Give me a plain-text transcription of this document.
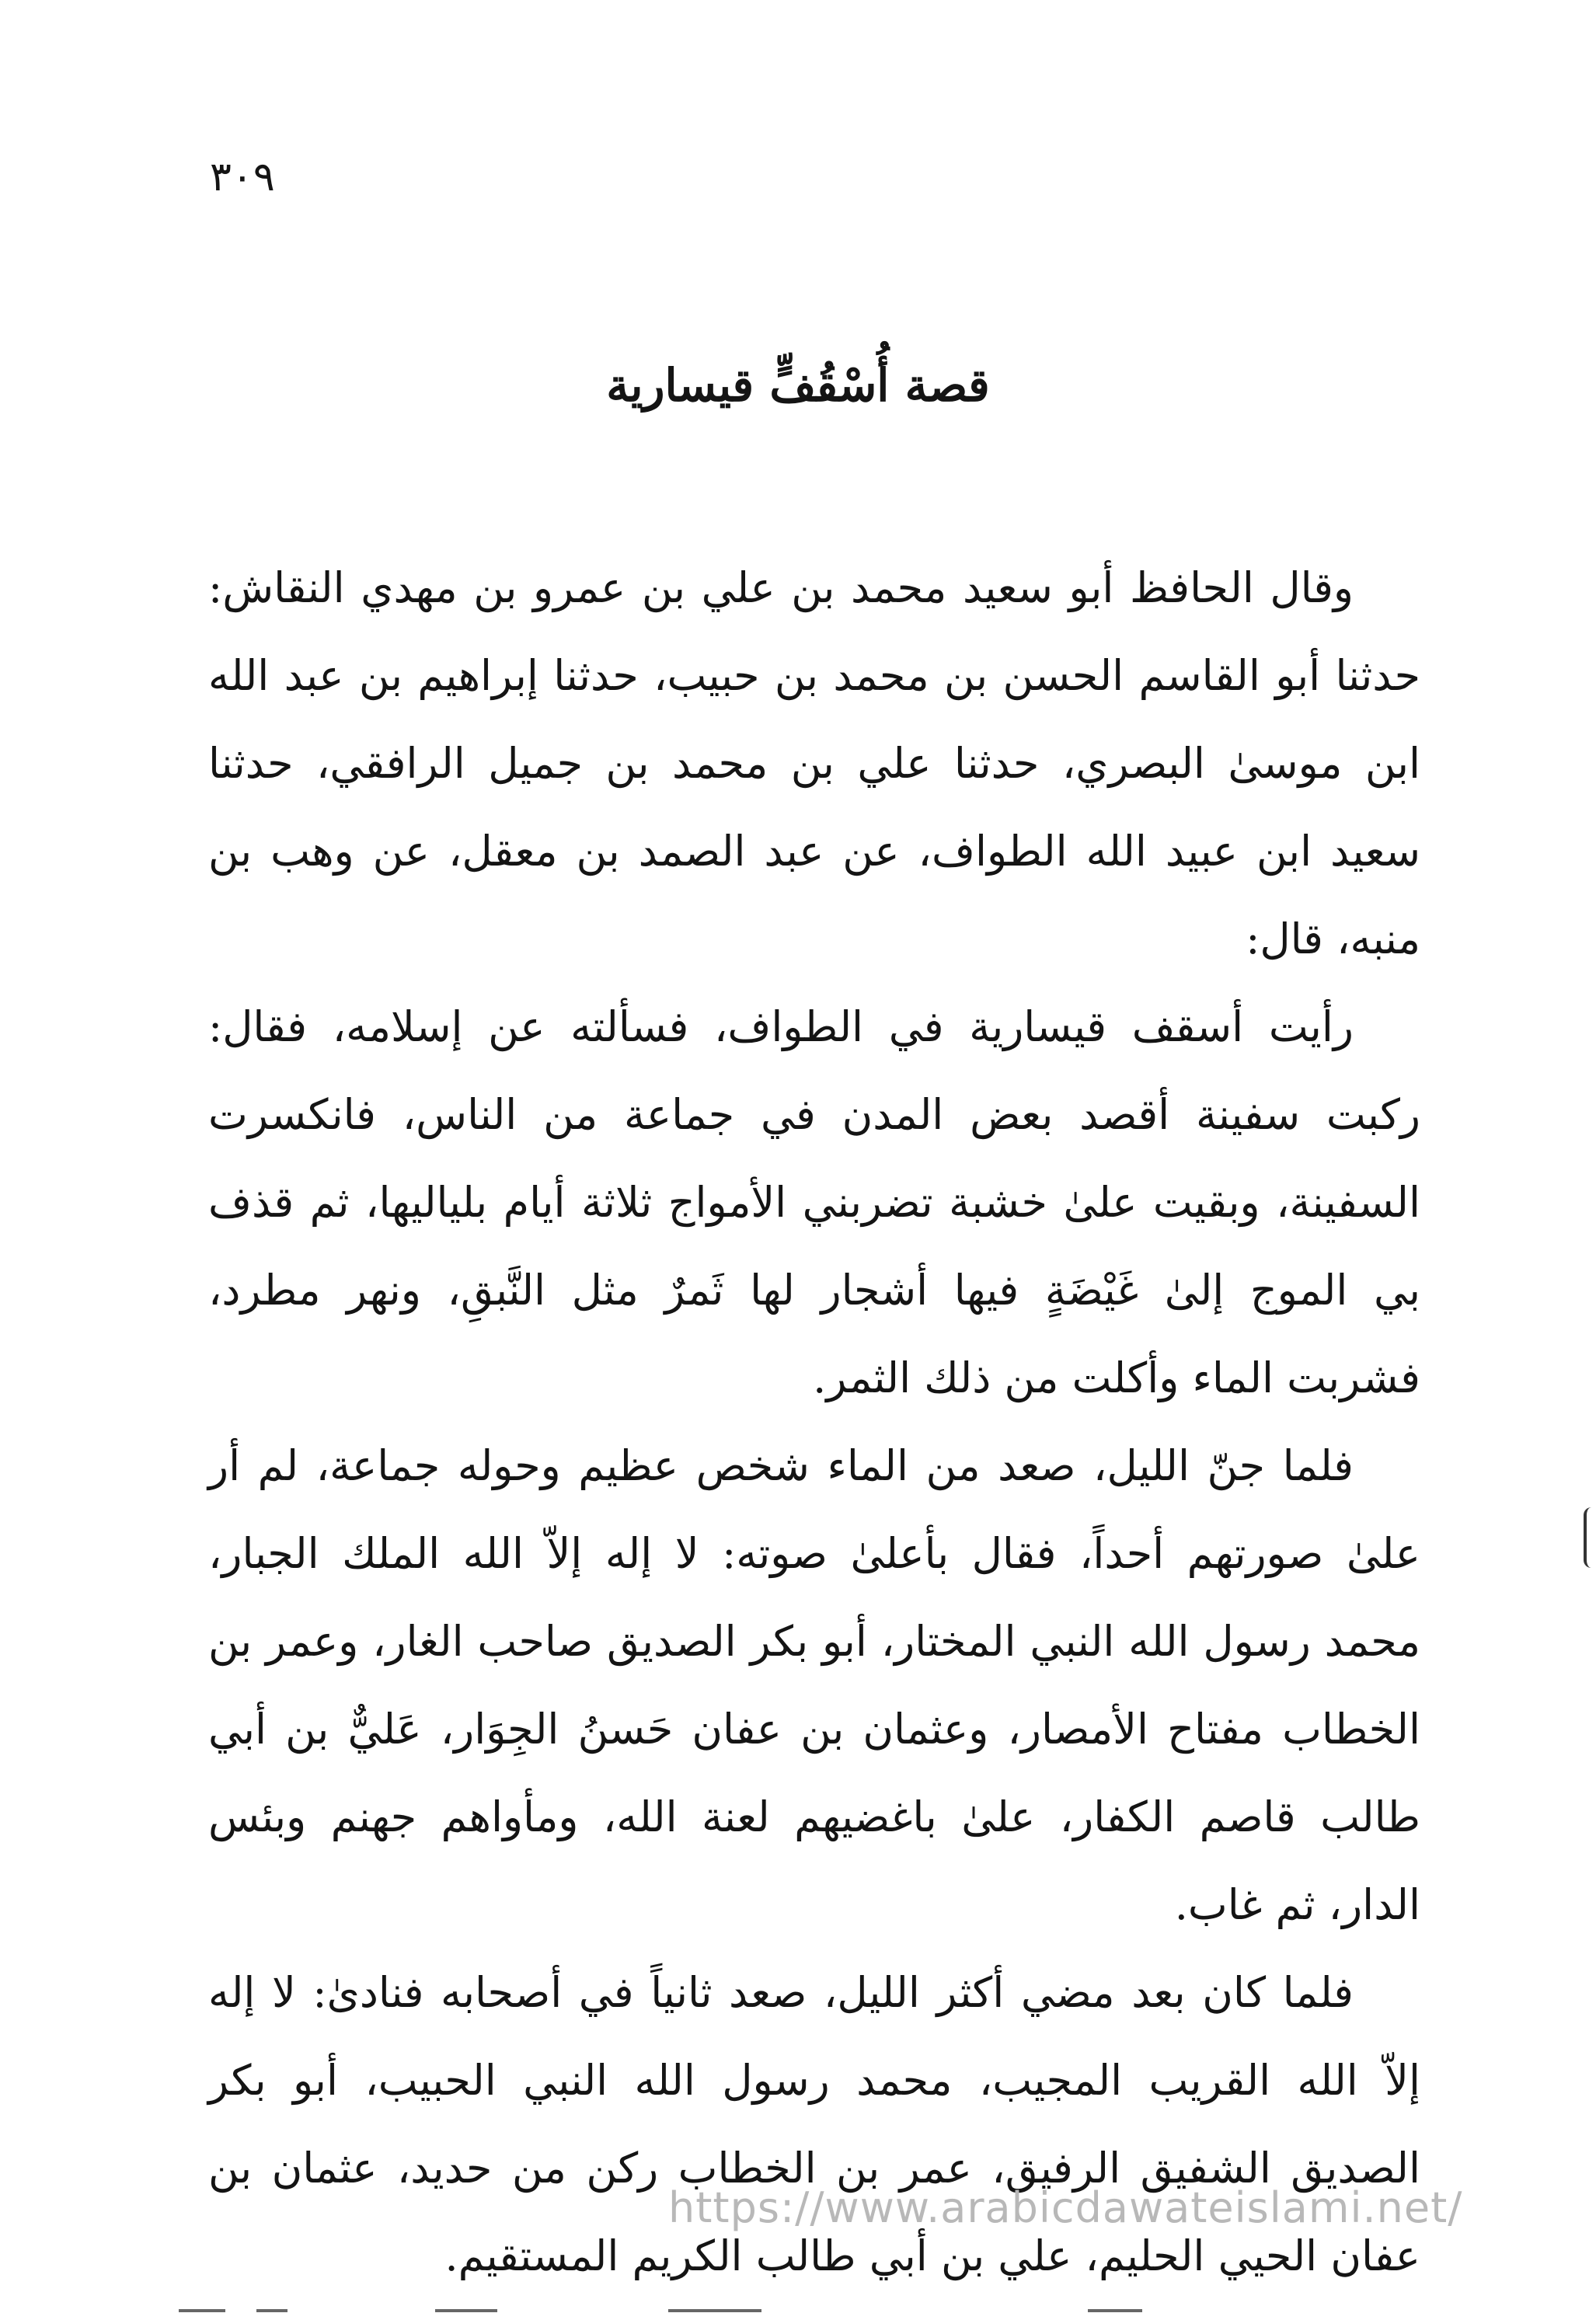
٣٠٩
قصة أُسْقُفٍّ قيسارية

وقال الحافظ أبو سعيد محمد بن علي بن عمرو بن مهدي النقاش: حدثنا أبو القاسم الحسن بن محمد بن حبيب، حدثنا إبراهيم بن عبد الله ابن موسىٰ البصري، حدثنا علي بن محمد بن جميل الرافقي، حدثنا سعيد ابن عبيد الله الطواف، عن عبد الصمد بن معقل، عن وهب بن منبه، قال:

رأيت أسقف قيسارية في الطواف، فسألته عن إسلامه، فقال: ركبت سفينة أقصد بعض المدن في جماعة من الناس، فانكسرت السفينة، وبقيت علىٰ خشبة تضربني الأمواج ثلاثة أيام بلياليها، ثم قذف بي الموج إلىٰ غَيْضَةٍ فيها أشجار لها ثَمرٌ مثل النَّبقِ، ونهر مطرد، فشربت الماء وأكلت من ذلك الثمر.

فلما جنّ الليل، صعد من الماء شخص عظيم وحوله جماعة، لم أر علىٰ صورتهم أحداً، فقال بأعلىٰ صوته: لا إله إلاّ الله الملك الجبار، محمد رسول الله النبي المختار، أبو بكر الصديق صاحب الغار، وعمر بن الخطاب مفتاح الأمصار، وعثمان بن عفان حَسنُ الجِوَار، عَليٌّ بن أبي طالب قاصم الكفار، علىٰ باغضيهم لعنة الله، ومأواهم جهنم وبئس الدار، ثم غاب.

فلما كان بعد مضي أكثر الليل، صعد ثانياً في أصحابه فنادىٰ: لا إله إلاّ الله القريب المجيب، محمد رسول الله النبي الحبيب، أبو بكر الصديق الشفيق الرفيق، عمر بن الخطاب ركن من حديد، عثمان بن عفان الحيي الحليم، علي بن أبي طالب الكريم المستقيم.

https://www.arabicdawateislami.net/
